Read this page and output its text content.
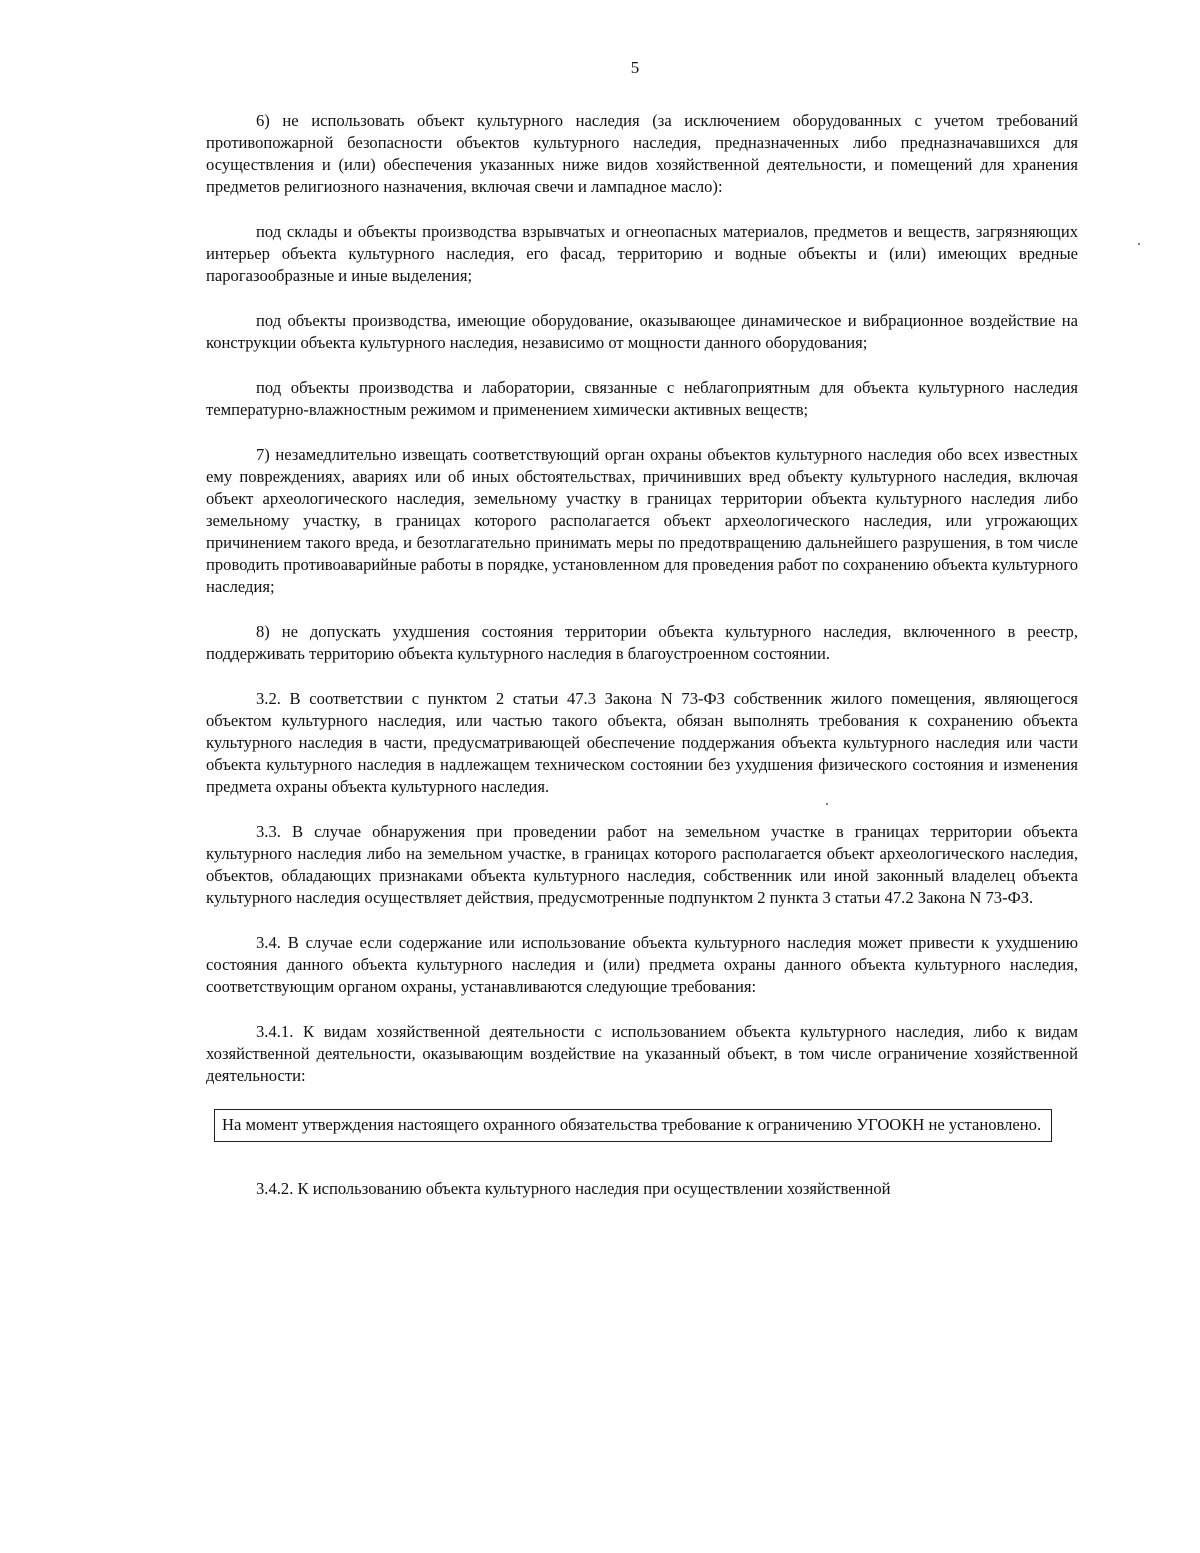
5

6) не использовать объект культурного наследия (за исключением оборудованных с учетом требований противопожарной безопасности объектов культурного наследия, предназначенных либо предназначавшихся для осуществления и (или) обеспечения указанных ниже видов хозяйственной деятельности, и помещений для хранения предметов религиозного назначения, включая свечи и лампадное масло):

под склады и объекты производства взрывчатых и огнеопасных материалов, предметов и веществ, загрязняющих интерьер объекта культурного наследия, его фасад, территорию и водные объекты и (или) имеющих вредные парогазообразные и иные выделения;

под объекты производства, имеющие оборудование, оказывающее динамическое и вибрационное воздействие на конструкции объекта культурного наследия, независимо от мощности данного оборудования;

под объекты производства и лаборатории, связанные с неблагоприятным для объекта культурного наследия температурно-влажностным режимом и применением химически активных веществ;

7) незамедлительно извещать соответствующий орган охраны объектов культурного наследия обо всех известных ему повреждениях, авариях или об иных обстоятельствах, причинивших вред объекту культурного наследия, включая объект археологического наследия, земельному участку в границах территории объекта культурного наследия либо земельному участку, в границах которого располагается объект археологического наследия, или угрожающих причинением такого вреда, и безотлагательно принимать меры по предотвращению дальнейшего разрушения, в том числе проводить противоаварийные работы в порядке, установленном для проведения работ по сохранению объекта культурного наследия;

8) не допускать ухудшения состояния территории объекта культурного наследия, включенного в реестр, поддерживать территорию объекта культурного наследия в благоустроенном состоянии.

3.2. В соответствии с пунктом 2 статьи 47.3 Закона N 73-ФЗ собственник жилого помещения, являющегося объектом культурного наследия, или частью такого объекта, обязан выполнять требования к сохранению объекта культурного наследия в части, предусматривающей обеспечение поддержания объекта культурного наследия или части объекта культурного наследия в надлежащем техническом состоянии без ухудшения физического состояния и изменения предмета охраны объекта культурного наследия.

3.3. В случае обнаружения при проведении работ на земельном участке в границах территории объекта культурного наследия либо на земельном участке, в границах которого располагается объект археологического наследия, объектов, обладающих признаками объекта культурного наследия, собственник или иной законный владелец объекта культурного наследия осуществляет действия, предусмотренные подпунктом 2 пункта 3 статьи 47.2 Закона N 73-ФЗ.

3.4. В случае если содержание или использование объекта культурного наследия может привести к ухудшению состояния данного объекта культурного наследия и (или) предмета охраны данного объекта культурного наследия, соответствующим органом охраны, устанавливаются следующие требования:

3.4.1. К видам хозяйственной деятельности с использованием объекта культурного наследия, либо к видам хозяйственной деятельности, оказывающим воздействие на указанный объект, в том числе ограничение хозяйственной деятельности:

На момент утверждения настоящего охранного обязательства требование к ограничению УГООКН не установлено.

3.4.2. К использованию объекта культурного наследия при осуществлении хозяйственной
